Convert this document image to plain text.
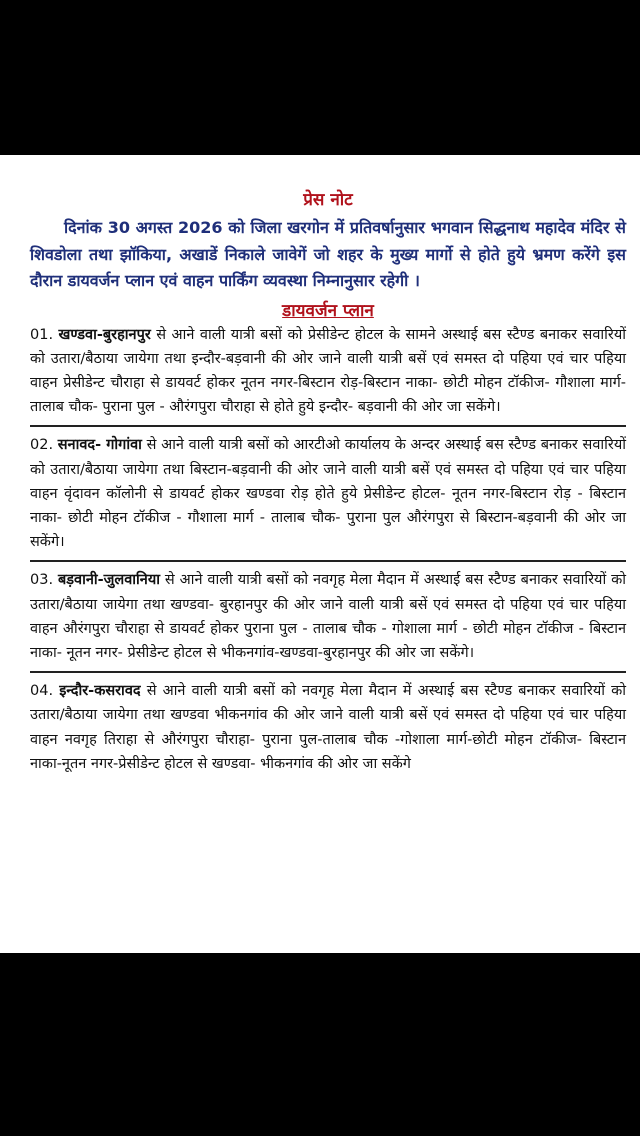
प्रेस नोट

दिनांक 30 अगस्त 2026 को जिला खरगोन में प्रतिवर्षानुसार भगवान सिद्धनाथ महादेव मंदिर से शिवडोला तथा झॉकिया, अखाडें निकाले जावेगें जो शहर के मुख्य मार्गो से होते हुये भ्रमण करेंगे इस दौरान डायवर्जन प्लान एवं वाहन पार्किंग व्यवस्था निम्नानुसार रहेगी ।

डायवर्जन प्लान

01. खण्डवा-बुरहानपुर से आने वाली यात्री बसों को प्रेसीडेन्ट होटल के सामने अस्थाई बस स्टैण्ड बनाकर सवारियों को उतारा/बैठाया जायेगा तथा इन्दौर-बड़वानी की ओर जाने वाली यात्री बसें एवं समस्त दो पहिया एवं चार पहिया वाहन प्रेसीडेन्ट चौराहा से डायवर्ट होकर नूतन नगर-बिस्टान रोड़-बिस्टान नाका- छोटी मोहन टॉकीज- गौशाला मार्ग- तालाब चौक- पुराना पुल - औरंगपुरा चौराहा से होते हुये इन्दौर- बड़वानी की ओर जा सकेंगे।

02. सनावद- गोगांवा से आने वाली यात्री बसों को आरटीओ कार्यालय के अन्दर अस्थाई बस स्टैण्ड बनाकर सवारियों को उतारा/बैठाया जायेगा तथा बिस्टान-बड़वानी की ओर जाने वाली यात्री बसें एवं समस्त दो पहिया एवं चार पहिया वाहन वृंदावन कॉलोनी से डायवर्ट होकर खण्डवा रोड़ होते हुये प्रेसीडेन्ट होटल- नूतन नगर-बिस्टान रोड़ - बिस्टान नाका- छोटी मोहन टॉकीज - गौशाला मार्ग - तालाब चौक- पुराना पुल औरंगपुरा से बिस्टान-बड़वानी की ओर जा सकेंगे।

03. बड़वानी-जुलवानिया से आने वाली यात्री बसों को नवगृह मेला मैदान में अस्थाई बस स्टैण्ड बनाकर सवारियों को उतारा/बैठाया जायेगा तथा खण्डवा- बुरहानपुर की ओर जाने वाली यात्री बसें एवं समस्त दो पहिया एवं चार पहिया वाहन औरंगपुरा चौराहा से डायवर्ट होकर पुराना पुल - तालाब चौक - गोशाला मार्ग - छोटी मोहन टॉकीज - बिस्टान नाका- नूतन नगर- प्रेसीडेन्ट होटल से भीकनगांव-खण्डवा-बुरहानपुर की ओर जा सकेंगे।

04. इन्दौर-कसरावद से आने वाली यात्री बसों को नवगृह मेला मैदान में अस्थाई बस स्टैण्ड बनाकर सवारियों को उतारा/बैठाया जायेगा तथा खण्डवा भीकनगांव की ओर जाने वाली यात्री बसें एवं समस्त दो पहिया एवं चार पहिया वाहन नवगृह तिराहा से औरंगपुरा चौराहा- पुराना पुल-तालाब चौक -गोशाला मार्ग-छोटी मोहन टॉकीज- बिस्टान नाका-नूतन नगर-प्रेसीडेन्ट होटल से खण्डवा- भीकनगांव की ओर जा सकेंगे
